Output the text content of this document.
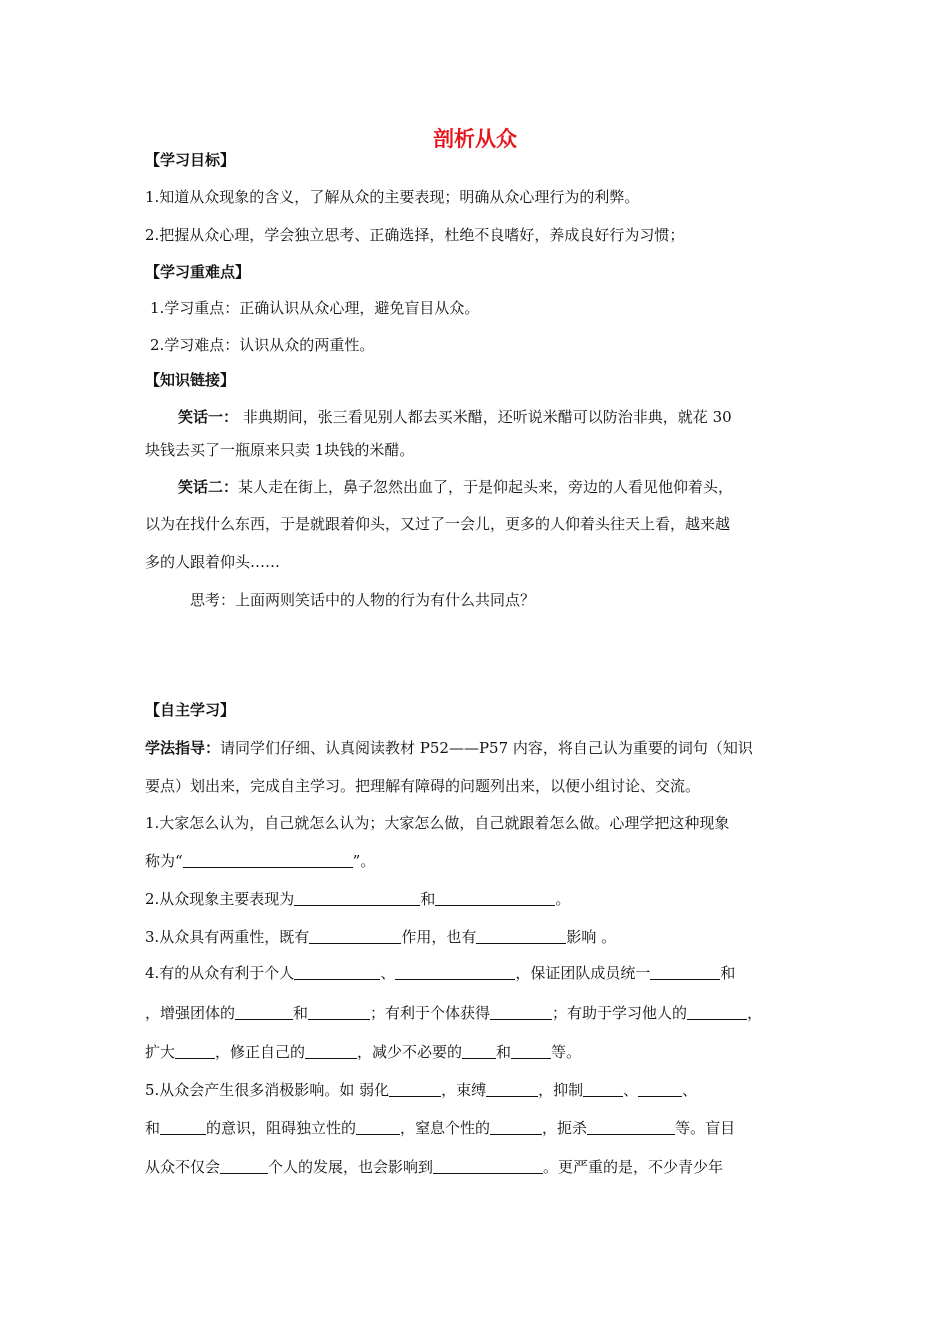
剖析从众
【学习目标】
1.知道从众现象的含义，了解从众的主要表现；明确从众心理行为的利弊。
2.把握从众心理，学会独立思考、正确选择，杜绝不良嗜好，养成良好行为习惯；
【学习重难点】
1.学习重点：正确认识从众心理，避免盲目从众。
2.学习难点：认识从众的两重性。
【知识链接】
笑话一： 非典期间，张三看见别人都去买米醋，还听说米醋可以防治非典，就花 30
块钱去买了一瓶原来只卖 1块钱的米醋。
笑话二：某人走在街上，鼻子忽然出血了，于是仰起头来，旁边的人看见他仰着头，
以为在找什么东西，于是就跟着仰头，又过了一会儿，更多的人仰着头往天上看，越来越
多的人跟着仰头……
思考：上面两则笑话中的人物的行为有什么共同点？
【自主学习】
学法指导：请同学们仔细、认真阅读教材 P52——P57 内容，将自己认为重要的词句（知识
要点）划出来，完成自主学习。把理解有障碍的问题列出来，以便小组讨论、交流。
1.大家怎么认为，自己就怎么认为；大家怎么做，自己就跟着怎么做。心理学把这种现象
称为“	”。
2.从众现象主要表现为	和	。
3.从众具有两重性，既有	作用，也有	影响 。
4.有的从众有利于个人	、	，保证团队成员统一	和
，增强团体的	和	；有利于个体获得	；有助于学习他人的	，
扩大	，修正自己的	，减少不必要的 和	等。
5.从众会产生很多消极影响。如 弱化	，束缚	，抑制	、	、
和	的意识，阻碍独立性的	，窒息个性的	，扼杀	等。盲目
从众不仅会	个人的发展，也会影响到	。更严重的是，不少青少年
